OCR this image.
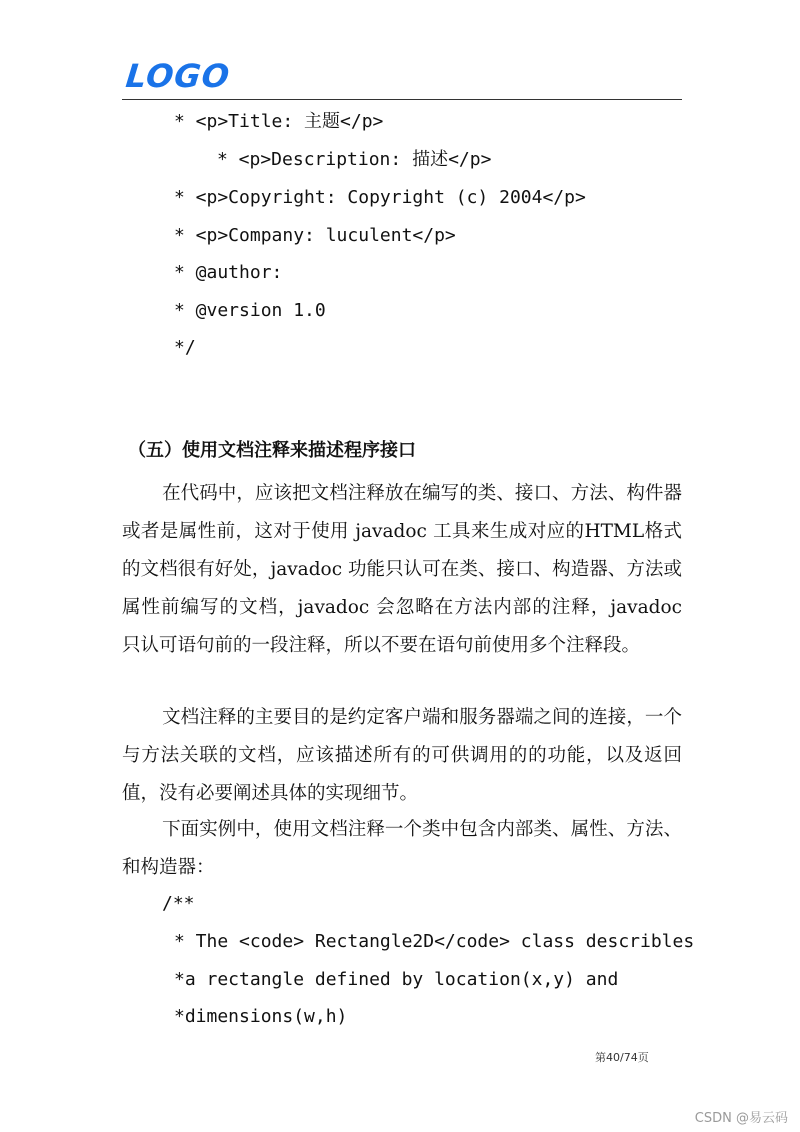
LOGO
* <p>Title: 主题</p>
* <p>Description: 描述</p>
* <p>Copyright: Copyright (c) 2004</p>
* <p>Company: luculent</p>
* @author:
* @version 1.0
*/
（五）使用文档注释来描述程序接口
在代码中，应该把文档注释放在编写的类、接口、方法、构件器或者是属性前，这对于使用 javadoc 工具来生成对应的HTML格式的文档很有好处，javadoc 功能只认可在类、接口、构造器、方法或属性前编写的文档，javadoc 会忽略在方法内部的注释，javadoc 只认可语句前的一段注释，所以不要在语句前使用多个注释段。
文档注释的主要目的是约定客户端和服务器端之间的连接，一个与方法关联的文档，应该描述所有的可供调用的的功能，以及返回值，没有必要阐述具体的实现细节。
下面实例中，使用文档注释一个类中包含内部类、属性、方法、和构造器：
/**
* The <code> Rectangle2D</code> class describles
*a rectangle defined by location(x,y) and
*dimensions(w,h)
第40/74页
CSDN @易云码
